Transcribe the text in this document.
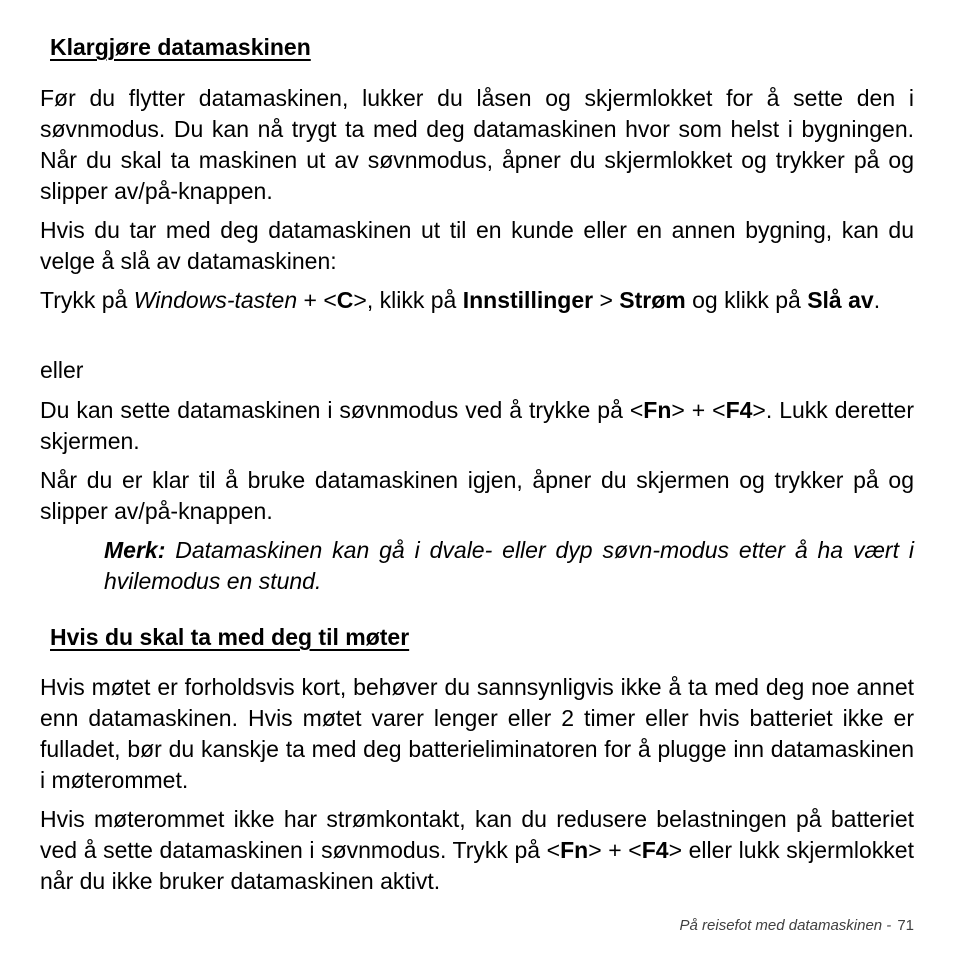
Klargjøre datamaskinen

Før du flytter datamaskinen, lukker du låsen og skjermlokket for å sette den i søvnmodus. Du kan nå trygt ta med deg datamaskinen hvor som helst i bygningen. Når du skal ta maskinen ut av søvnmodus, åpner du skjermlokket og trykker på og slipper av/på-knappen.

Hvis du tar med deg datamaskinen ut til en kunde eller en annen bygning, kan du velge å slå av datamaskinen:

Trykk på Windows-tasten + <C>, klikk på Innstillinger > Strøm og klikk på Slå av.

eller

Du kan sette datamaskinen i søvnmodus ved å trykke på <Fn> + <F4>. Lukk deretter skjermen.

Når du er klar til å bruke datamaskinen igjen, åpner du skjermen og trykker på og slipper av/på-knappen.

Merk: Datamaskinen kan gå i dvale- eller dyp søvn-modus etter å ha vært i hvilemodus en stund.

Hvis du skal ta med deg til møter

Hvis møtet er forholdsvis kort, behøver du sannsynligvis ikke å ta med deg noe annet enn datamaskinen. Hvis møtet varer lenger eller 2 timer eller hvis batteriet ikke er fulladet, bør du kanskje ta med deg batterieliminatoren for å plugge inn datamaskinen i møterommet.

Hvis møterommet ikke har strømkontakt, kan du redusere belastningen på batteriet ved å sette datamaskinen i søvnmodus. Trykk på <Fn> + <F4> eller lukk skjermlokket når du ikke bruker datamaskinen aktivt.

På reisefot med datamaskinen - 71
